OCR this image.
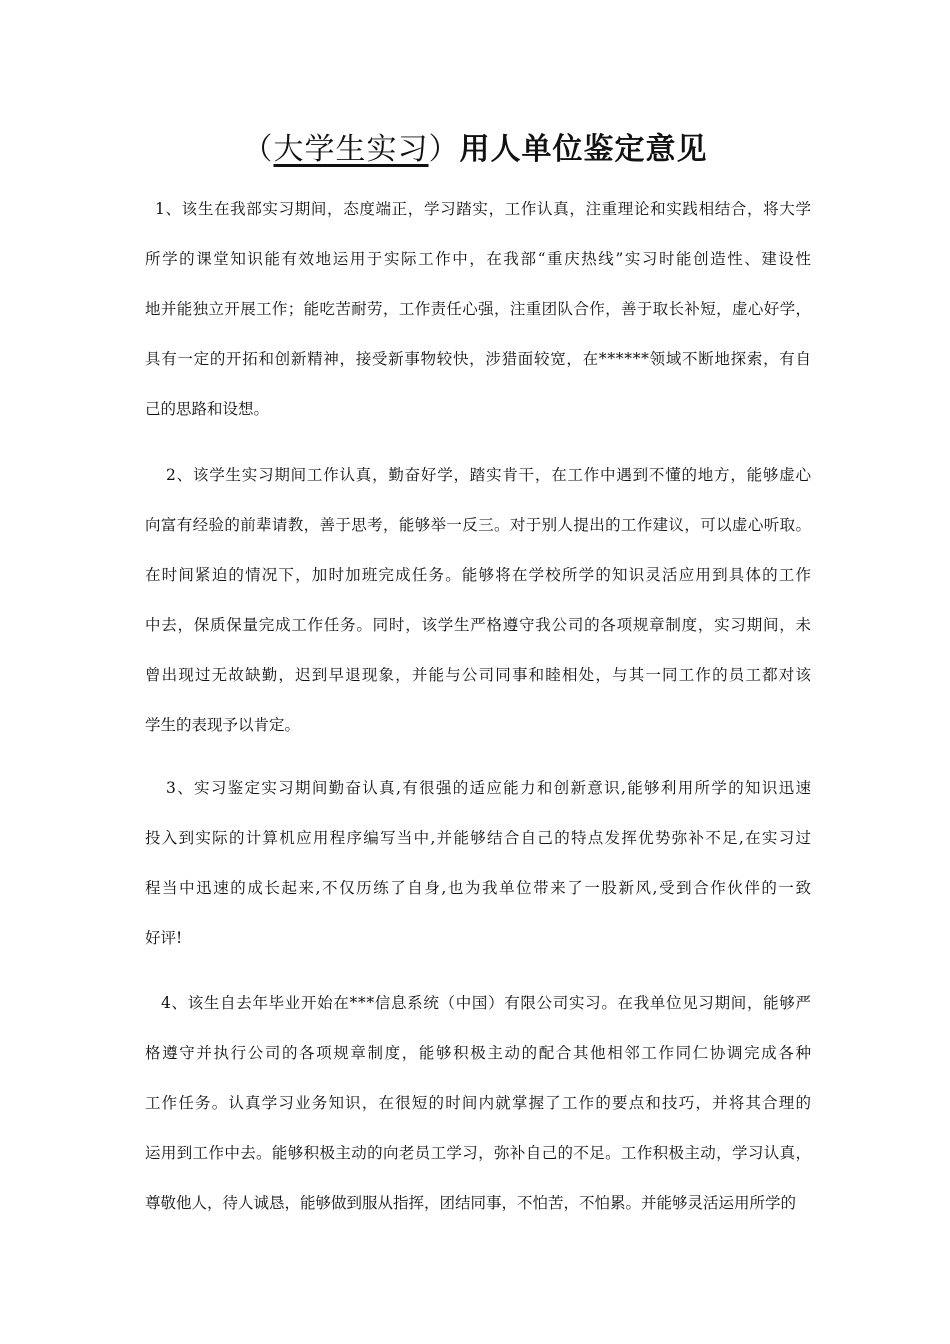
（大学生实习）用人单位鉴定意见
1、该生在我部实习期间，态度端正，学习踏实，工作认真，注重理论和实践相结合，将大学
所学的课堂知识能有效地运用于实际工作中，在我部“重庆热线”实习时能创造性、建设性
地并能独立开展工作；能吃苦耐劳，工作责任心强，注重团队合作，善于取长补短，虚心好学，
具有一定的开拓和创新精神，接受新事物较快，涉猎面较宽，在******领域不断地探索，有自
己的思路和设想。
2、该学生实习期间工作认真，勤奋好学，踏实肯干，在工作中遇到不懂的地方，能够虚心
向富有经验的前辈请教，善于思考，能够举一反三。对于别人提出的工作建议，可以虚心听取。
在时间紧迫的情况下，加时加班完成任务。能够将在学校所学的知识灵活应用到具体的工作
中去，保质保量完成工作任务。同时，该学生严格遵守我公司的各项规章制度，实习期间，未
曾出现过无故缺勤，迟到早退现象，并能与公司同事和睦相处，与其一同工作的员工都对该
学生的表现予以肯定。
3、实习鉴定实习期间勤奋认真,有很强的适应能力和创新意识,能够利用所学的知识迅速
投入到实际的计算机应用程序编写当中,并能够结合自己的特点发挥优势弥补不足,在实习过
程当中迅速的成长起来,不仅历练了自身,也为我单位带来了一股新风,受到合作伙伴的一致
好评!
4、该生自去年毕业开始在***信息系统（中国）有限公司实习。在我单位见习期间，能够严
格遵守并执行公司的各项规章制度，能够积极主动的配合其他相邻工作同仁协调完成各种
工作任务。认真学习业务知识，在很短的时间内就掌握了工作的要点和技巧，并将其合理的
运用到工作中去。能够积极主动的向老员工学习，弥补自己的不足。工作积极主动，学习认真，
尊敬他人，待人诚恳，能够做到服从指挥，团结同事，不怕苦，不怕累。并能够灵活运用所学的
